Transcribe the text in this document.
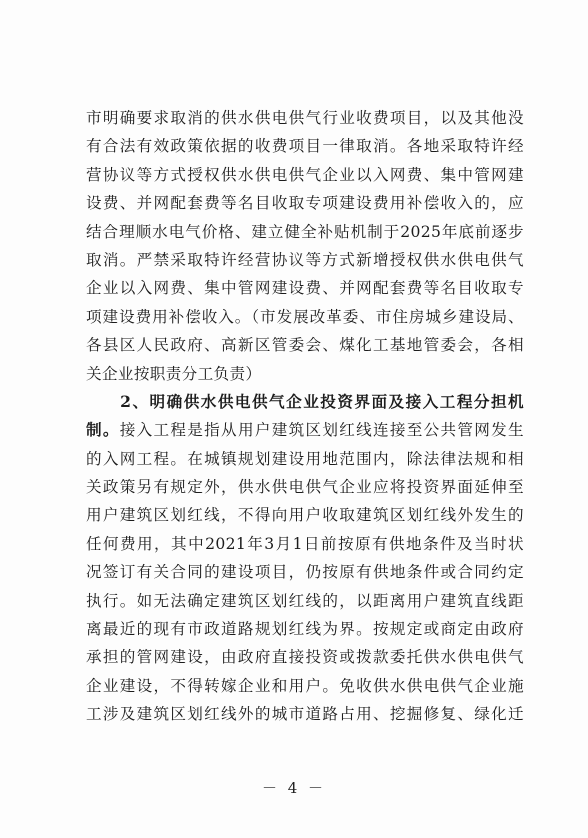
市明确要求取消的供水供电供气行业收费项目，以及其他没
有合法有效政策依据的收费项目一律取消。各地采取特许经
营协议等方式授权供水供电供气企业以入网费、集中管网建
设费、并网配套费等名目收取专项建设费用补偿收入的，应
结合理顺水电气价格、建立健全补贴机制于2025年底前逐步
取消。严禁采取特许经营协议等方式新增授权供水供电供气
企业以入网费、集中管网建设费、并网配套费等名目收取专
项建设费用补偿收入。（市发展改革委、市住房城乡建设局、
各县区人民政府、高新区管委会、煤化工基地管委会，各相
关企业按职责分工负责）
　　2、明确供水供电供气企业投资界面及接入工程分担机
制。接入工程是指从用户建筑区划红线连接至公共管网发生
的入网工程。在城镇规划建设用地范围内，除法律法规和相
关政策另有规定外，供水供电供气企业应将投资界面延伸至
用户建筑区划红线，不得向用户收取建筑区划红线外发生的
任何费用，其中2021年3月1日前按原有供地条件及当时状
况签订有关合同的建设项目，仍按原有供地条件或合同约定
执行。如无法确定建筑区划红线的，以距离用户建筑直线距
离最近的现有市政道路规划红线为界。按规定或商定由政府
承担的管网建设，由政府直接投资或拨款委托供水供电供气
企业建设，不得转嫁企业和用户。免收供水供电供气企业施
工涉及建筑区划红线外的城市道路占用、挖掘修复、绿化迁
－ 4 －
